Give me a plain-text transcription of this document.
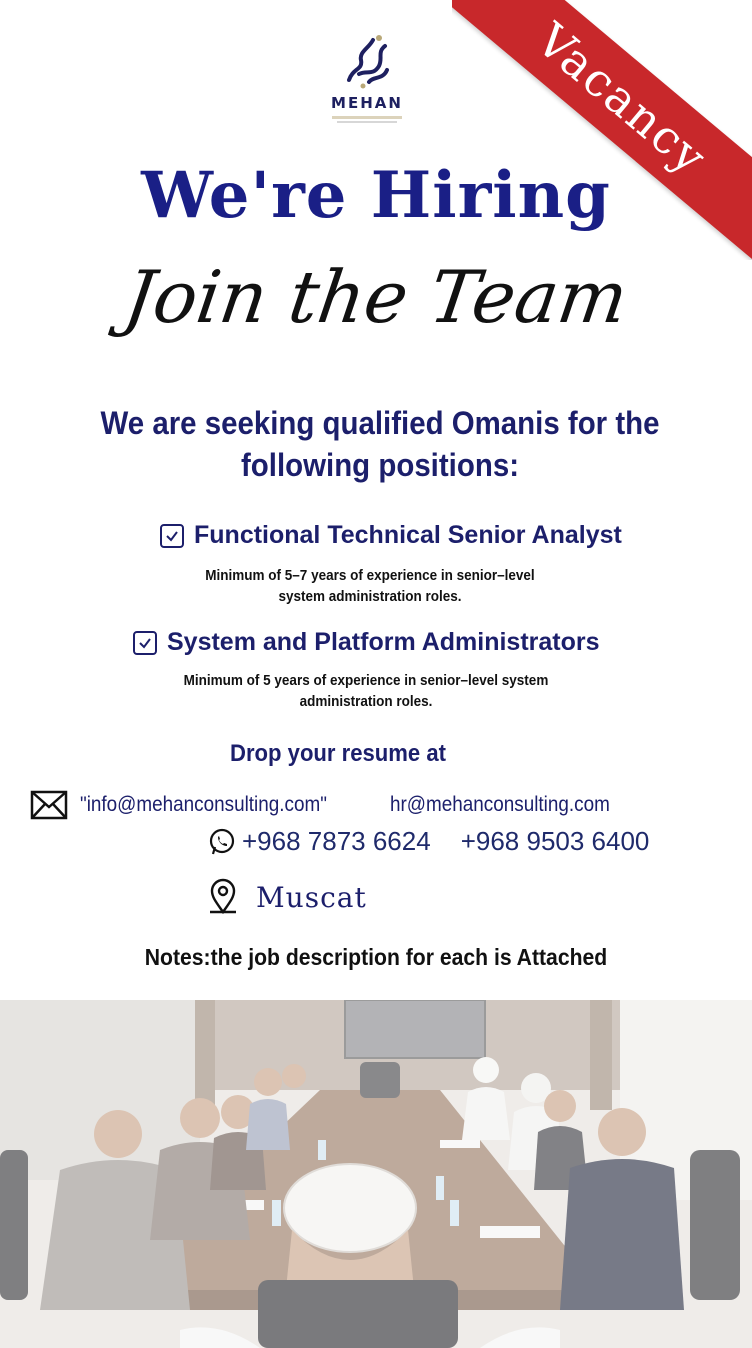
Vacancy
MEHAN
We're Hiring
Join the Team
We are seeking qualified Omanis for the following positions:
Functional Technical Senior Analyst
Minimum of 5–7 years of experience in senior–level
system administration roles.
System and Platform Administrators
Minimum of 5 years of experience in senior–level system
administration roles.
Drop your resume at
"info@mehanconsulting.com"	hr@mehanconsulting.com
+968 7873 6624 +968 9503 6400
Muscat
Notes:the job description for each is Attached
